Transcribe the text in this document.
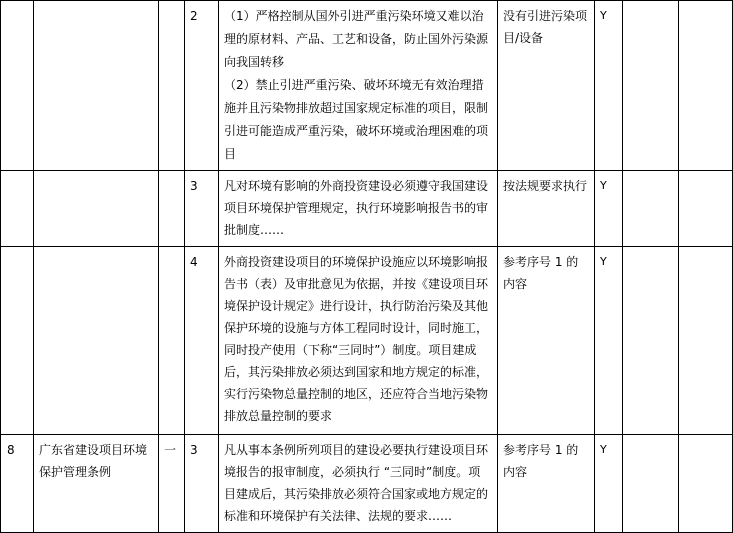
			2	（1）严格控制从国外引进严重污染环境又难以治理的原材料、产品、工艺和设备，防止国外污染源向我国转移
（2）禁止引进严重污染、破坏环境无有效治理措施并且污染物排放超过国家规定标准的项目，限制引进可能造成严重污染，破坏环境或治理困难的项目	没有引进污染项目/设备	Y		
			3	凡对环境有影响的外商投资建设必须遵守我国建设项目环境保护管理规定，执行环境影响报告书的审批制度……	按法规要求执行	Y		
			4	外商投资建设项目的环境保护设施应以环境影响报告书（表）及审批意见为依据，并按《建设项目环境保护设计规定》进行设计，执行防治污染及其他保护环境的设施与方体工程同时设计，同时施工，同时投产使用（下称“三同时”）制度。项目建成后，其污染排放必须达到国家和地方规定的标准，实行污染物总量控制的地区，还应符合当地污染物排放总量控制的要求	参考序号 1 的内容	Y		
8	广东省建设项目环境保护管理条例	一	3	凡从事本条例所列项目的建设必要执行建设项目环境报告的报审制度，必须执行 “三同时”制度。项目建成后，其污染排放必须符合国家或地方规定的标准和环境保护有关法律、法规的要求……	参考序号 1 的内容	Y		
